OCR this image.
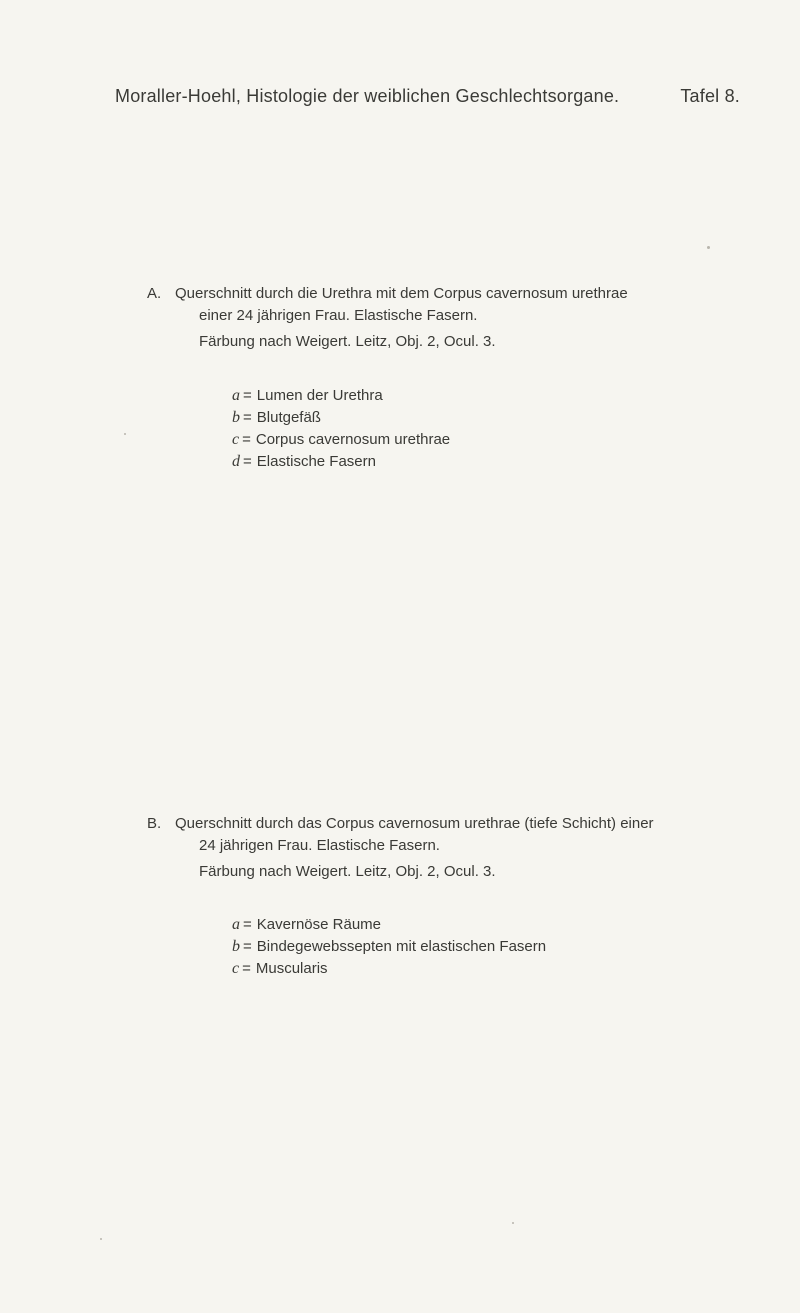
Moraller-Hoehl, Histologie der weiblichen Geschlechtsorgane.	Tafel 8.
A. Querschnitt durch die Urethra mit dem Corpus cavernosum urethrae
einer 24 jährigen Frau. Elastische Fasern.
Färbung nach Weigert. Leitz, Obj. 2, Ocul. 3.
a = Lumen der Urethra
b = Blutgefäß
c = Corpus cavernosum urethrae
d = Elastische Fasern
B. Querschnitt durch das Corpus cavernosum urethrae (tiefe Schicht) einer
24 jährigen Frau. Elastische Fasern.
Färbung nach Weigert. Leitz, Obj. 2, Ocul. 3.
a = Kavernöse Räume
b = Bindegewebssepten mit elastischen Fasern
c = Muscularis
